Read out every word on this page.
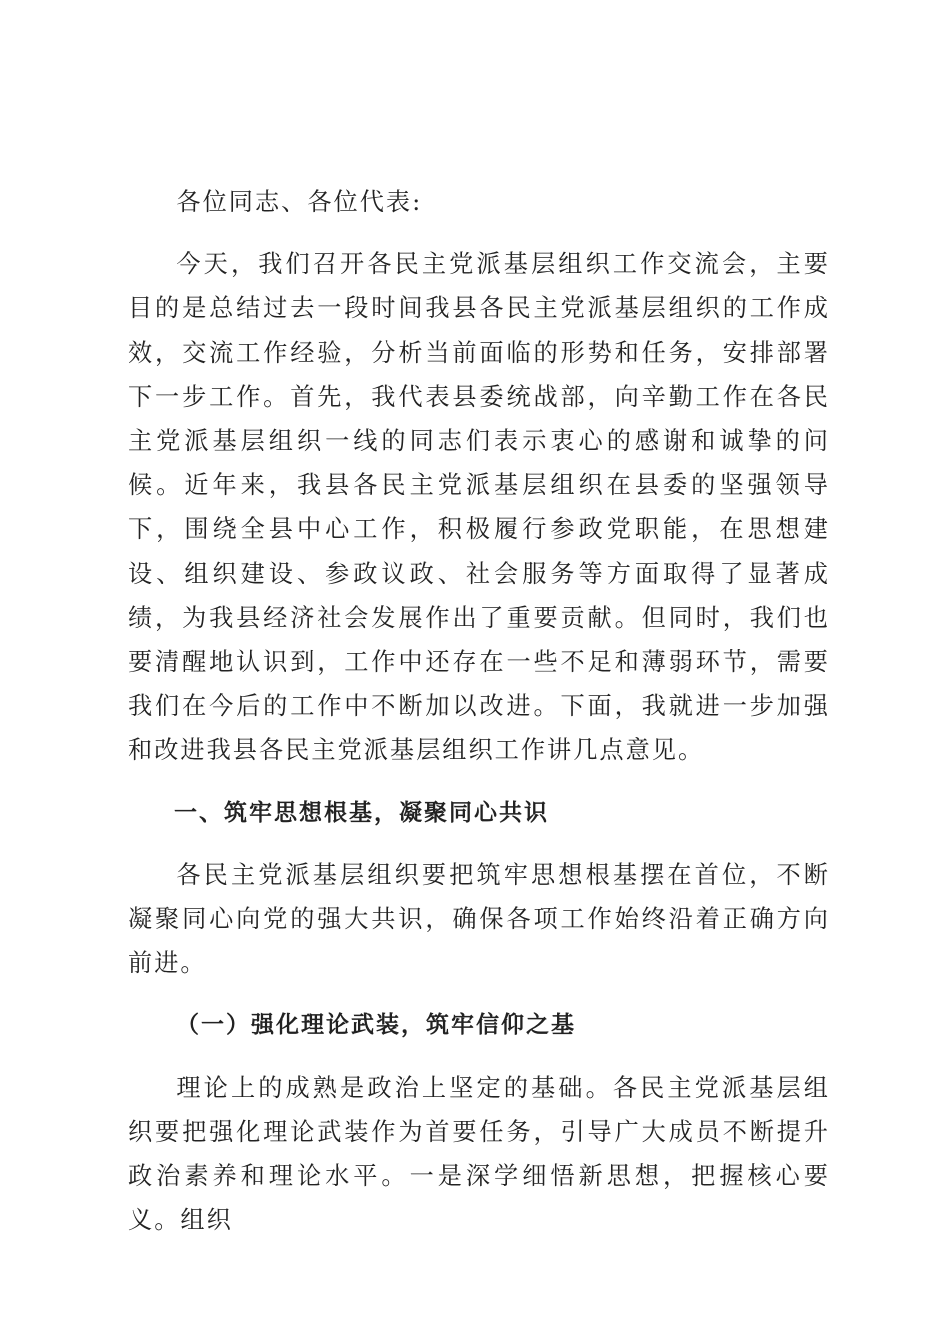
各位同志、各位代表:

今天，我们召开各民主党派基层组织工作交流会，主要目的是总结过去一段时间我县各民主党派基层组织的工作成效，交流工作经验，分析当前面临的形势和任务，安排部署下一步工作。首先，我代表县委统战部，向辛勤工作在各民主党派基层组织一线的同志们表示衷心的感谢和诚挚的问候。近年来，我县各民主党派基层组织在县委的坚强领导下，围绕全县中心工作，积极履行参政党职能，在思想建设、组织建设、参政议政、社会服务等方面取得了显著成绩，为我县经济社会发展作出了重要贡献。但同时，我们也要清醒地认识到，工作中还存在一些不足和薄弱环节，需要我们在今后的工作中不断加以改进。下面，我就进一步加强和改进我县各民主党派基层组织工作讲几点意见。

一、筑牢思想根基，凝聚同心共识

各民主党派基层组织要把筑牢思想根基摆在首位，不断凝聚同心向党的强大共识，确保各项工作始终沿着正确方向前进。

（一）强化理论武装，筑牢信仰之基

理论上的成熟是政治上坚定的基础。各民主党派基层组织要把强化理论武装作为首要任务，引导广大成员不断提升政治素养和理论水平。一是深学细悟新思想，把握核心要义。组织
